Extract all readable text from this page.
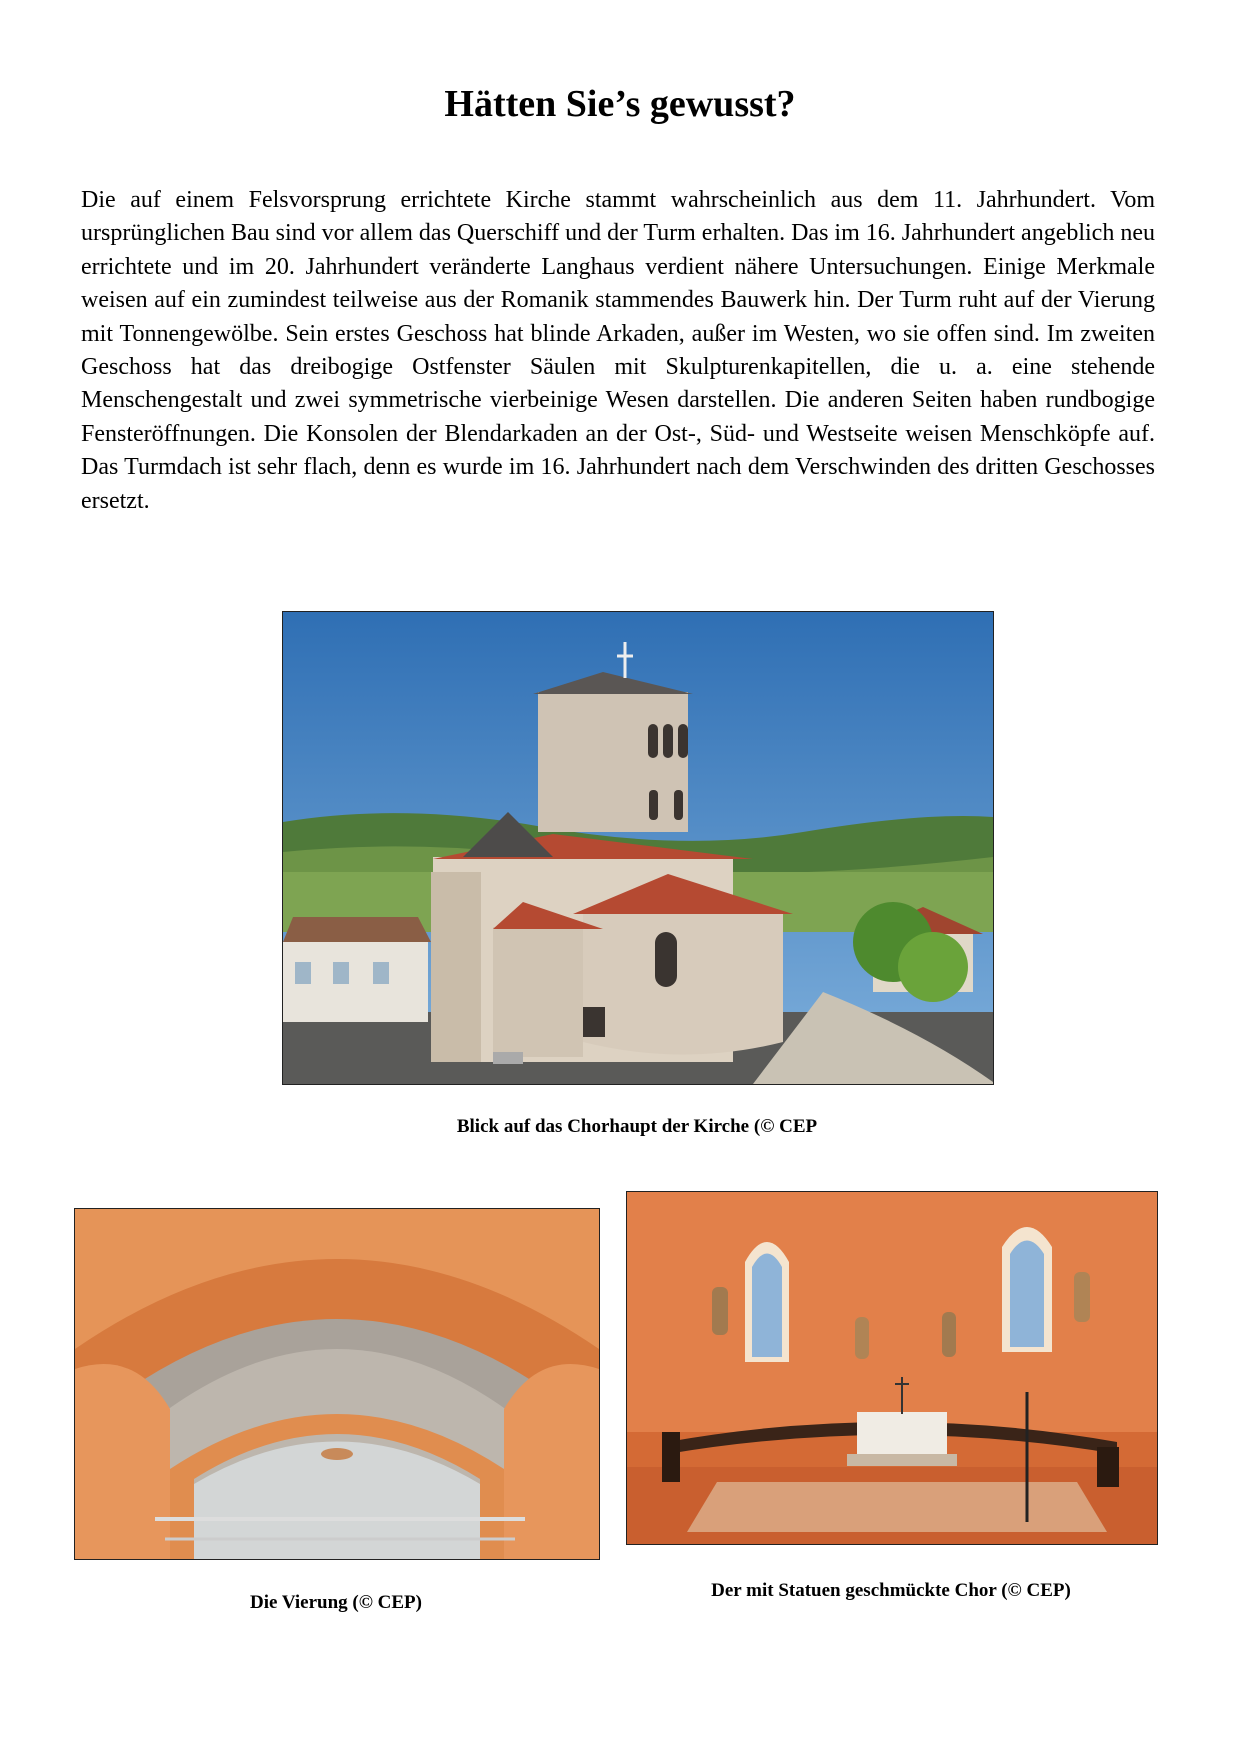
Hätten Sie’s gewusst?

Die auf einem Felsvorsprung errichtete Kirche stammt wahrscheinlich aus dem 11. Jahrhundert. Vom ursprünglichen Bau sind vor allem das Querschiff und der Turm erhalten. Das im 16. Jahrhundert angeblich neu errichtete und im 20. Jahrhundert veränderte Langhaus verdient nähere Untersuchungen. Einige Merkmale weisen auf ein zumindest teilweise aus der Romanik stammendes Bauwerk hin. Der Turm ruht auf der Vierung mit Tonnengewölbe. Sein erstes Geschoss hat blinde Arkaden, außer im Westen, wo sie offen sind. Im zweiten Geschoss hat das dreibogige Ostfenster Säulen mit Skulpturenkapitellen, die u. a. eine stehende Menschengestalt und zwei symmetrische vierbeinige Wesen darstellen. Die anderen Seiten haben rundbogige Fensteröffnungen. Die Konsolen der Blendarkaden an der Ost-, Süd- und Westseite weisen Menschköpfe auf. Das Turmdach ist sehr flach, denn es wurde im 16. Jahrhundert nach dem Verschwinden des dritten Geschosses ersetzt.

Blick auf das Chorhaupt der Kirche (© CEP

Die Vierung (© CEP)

Der mit Statuen geschmückte Chor (© CEP)
